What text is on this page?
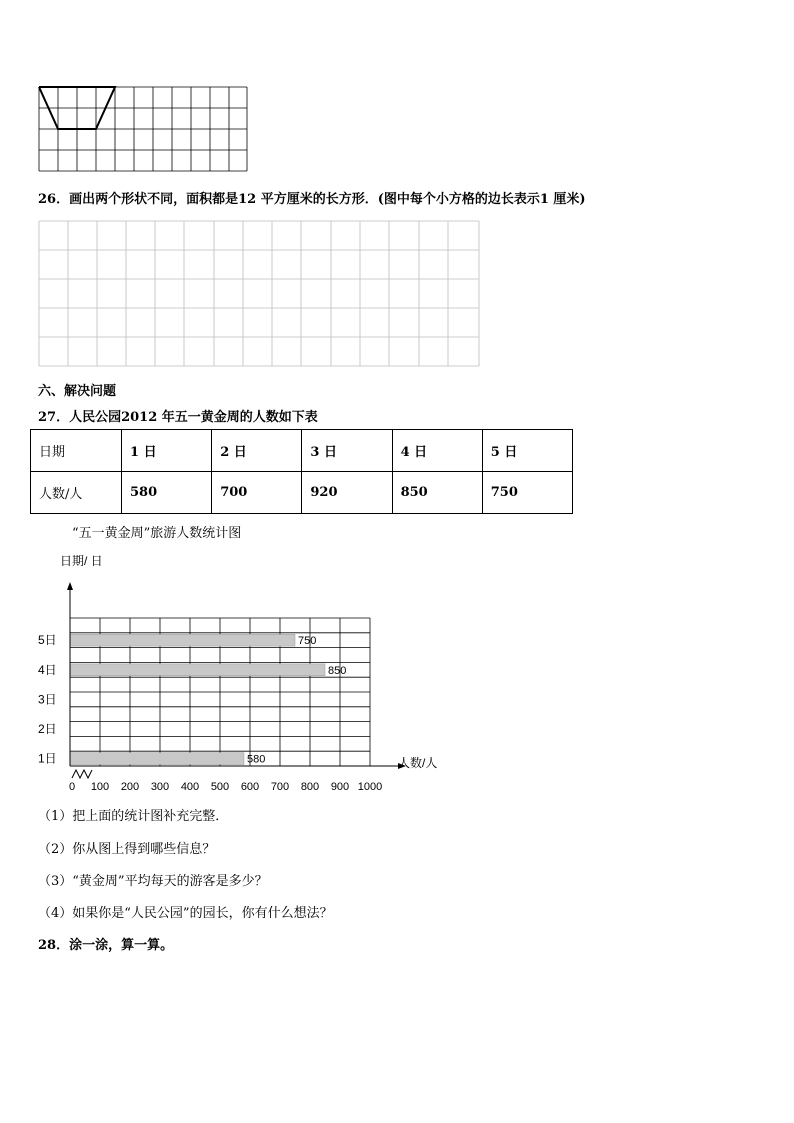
26．画出两个形状不同，面积都是12 平方厘米的长方形．(图中每个小方格的边长表示1 厘米)
六、解决问题
27．人民公园2012 年五一黄金周的人数如下表
日期	1 日	2 日	3 日	4 日	5 日
人数/人	580	700	920	850	750
“五一黄金周”旅游人数统计图
580
850
750
1日
2日
3日
4日
5日
0 100 200 300 400 500 600 700 800 900 1000
日期/ 日
人数/人
（1）把上面的统计图补充完整．
（2）你从图上得到哪些信息？
（3）“黄金周”平均每天的游客是多少？
（4）如果你是“人民公园”的园长，你有什么想法？
28．涂一涂，算一算。
